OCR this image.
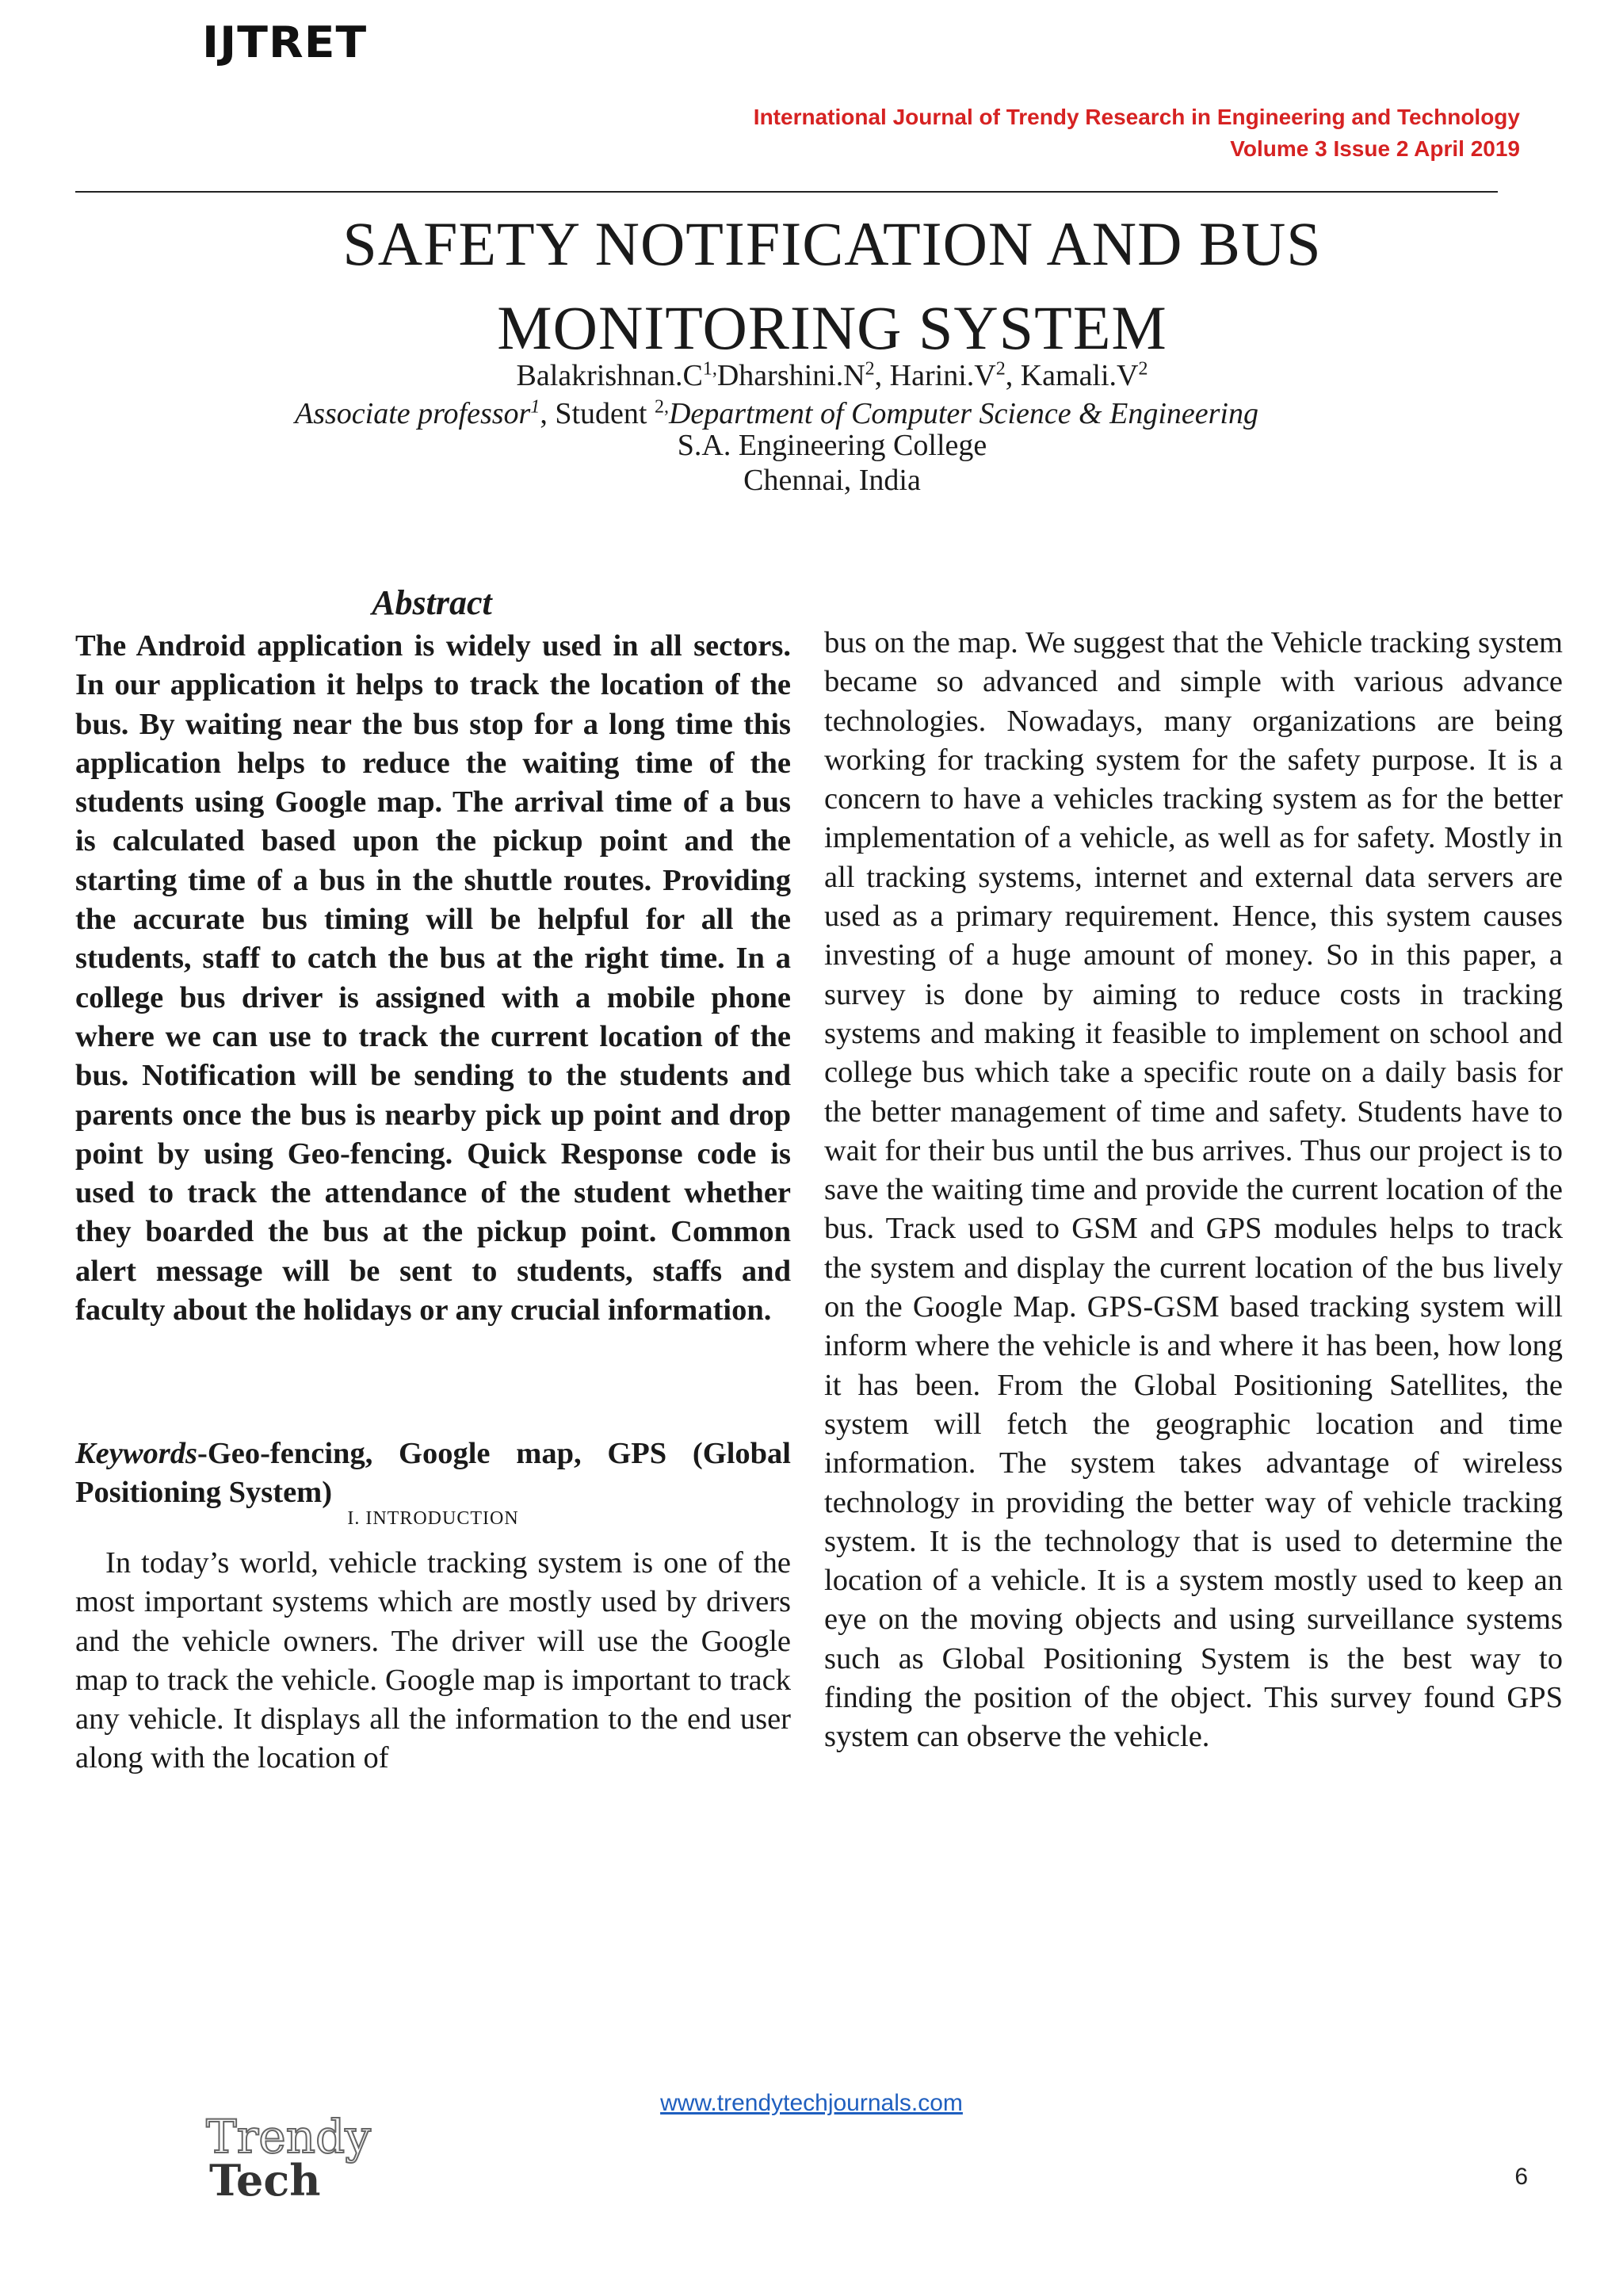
IJTRET
International Journal of Trendy Research in Engineering and Technology
Volume 3 Issue 2 April 2019
SAFETY NOTIFICATION AND BUS
MONITORING SYSTEM
$Balakrishnan.C^{1,}Dharshini.N^2$, $Harini.V^2$, $Kamali.V^2$
Associate professor$^1$, Student $^{2,}$Department of Computer Science & Engineering
S.A. Engineering College
Chennai, India
Abstract
The Android application is widely used in all sectors. In our application it helps to track the location of the bus. By waiting near the bus stop for a long time this application helps to reduce the waiting time of the students using Google map. The arrival time of a bus is calculated based upon the pickup point and the starting time of a bus in the shuttle routes. Providing the accurate bus timing will be helpful for all the students, staff to catch the bus at the right time. In a college bus driver is assigned with a mobile phone where we can use to track the current location of the bus. Notification will be sending to the students and parents once the bus is nearby pick up point and drop point by using Geo-fencing. Quick Response code is used to track the attendance of the student whether they boarded the bus at the pickup point. Common alert message will be sent to students, staffs and faculty about the holidays or any crucial information.
Keywords-Geo-fencing, Google map, GPS (Global Positioning System)
I. INTRODUCTION

In today’s world, vehicle tracking system is one of the most important systems which are mostly used by drivers and the vehicle owners. The driver will use the Google map to track the vehicle. Google map is important to track any vehicle. It displays all the information to the end user along with the location of

bus on the map. We suggest that the Vehicle tracking system became so advanced and simple with various advance technologies. Nowadays, many organizations are being working for tracking system for the safety purpose. It is a concern to have a vehicles tracking system as for the better implementation of a vehicle, as well as for safety. Mostly in all tracking systems, internet and external data servers are used as a primary requirement. Hence, this system causes investing of a huge amount of money. So in this paper, a survey is done by aiming to reduce costs in tracking systems and making it feasible to implement on school and college bus which take a specific route on a daily basis for the better management of time and safety. Students have to wait for their bus until the bus arrives. Thus our project is to save the waiting time and provide the current location of the bus. Track used to GSM and GPS modules helps to track the system and display the current location of the bus lively on the Google Map. GPS-GSM based tracking system will inform where the vehicle is and where it has been, how long it has been. From the Global Positioning Satellites, the system will fetch the geographic location and time information. The system takes advantage of wireless technology in providing the better way of vehicle tracking system. It is the technology that is used to determine the location of a vehicle. It is a system mostly used to keep an eye on the moving objects and using surveillance systems such as Global Positioning System is the best way to finding the position of the object. This survey found GPS system can observe the vehicle.
www.trendytechjournals.com
Trendy
Tech	6
